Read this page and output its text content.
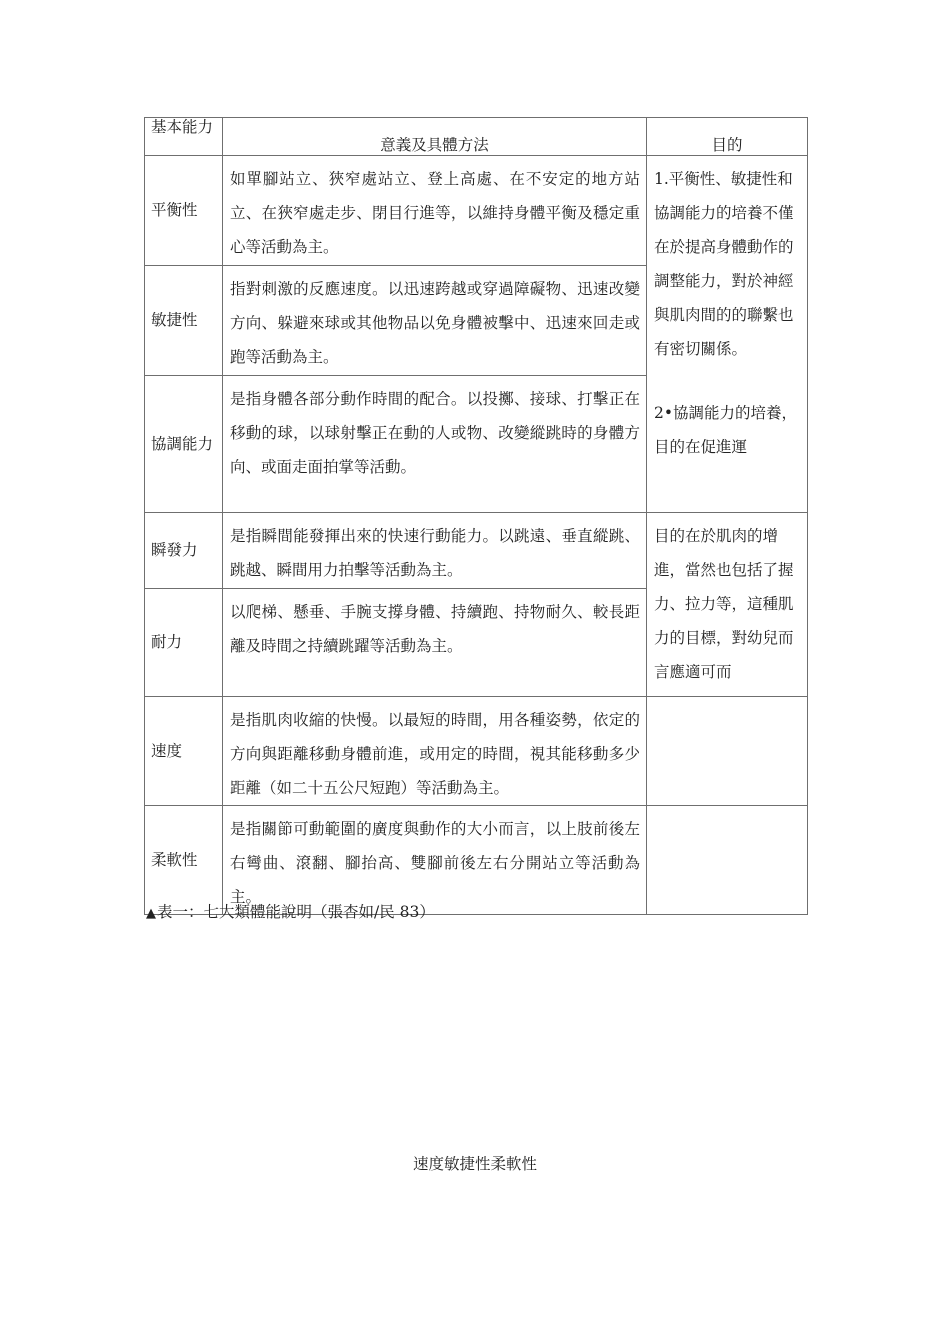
基本能力	意義及具體方法	目的
平衡性	如單腳站立、狹窄處站立、登上高處、在不安定的地方站立、在狹窄處走步、閉目行進等，以維持身體平衡及穩定重心等活動為主。	1.平衡性、敏捷性和協調能力的培養不僅在於提高身體動作的調整能力，對於神經與肌肉間的的聯繫也有密切關係。
2•協調能力的培養，目的在促進運

敏捷性	指對刺激的反應速度。以迅速跨越或穿過障礙物、迅速改變方向、躲避來球或其他物品以免身體被擊中、迅速來回走或跑等活動為主。	
協調能力	是指身體各部分動作時間的配合。以投擲、接球、打擊正在移動的球，以球射擊正在動的人或物、改變縱跳時的身體方向、或面走面拍掌等活動。	
瞬發力	是指瞬間能發揮出來的快速行動能力。以跳遠、垂直縱跳、跳越、瞬間用力拍擊等活動為主。	目的在於肌肉的增進，當然也包括了握力、拉力等，這種肌力的目標，對幼兒而言應適可而
耐力	以爬梯、懸垂、手腕支撐身體、持續跑、持物耐久、較長距離及時間之持續跳躍等活動為主。	
速度	是指肌肉收縮的快慢。以最短的時間，用各種姿勢，依定的方向與距離移動身體前進，或用定的時間，視其能移動多少距離（如二十五公尺短跑）等活動為主。	
柔軟性	是指關節可動範圍的廣度與動作的大小而言，以上肢前後左右彎曲、滾翻、腳抬高、雙腳前後左右分開站立等活動為主。	
▲表一：七大類體能說明（張杏如/民 83）
速度敏捷性柔軟性
